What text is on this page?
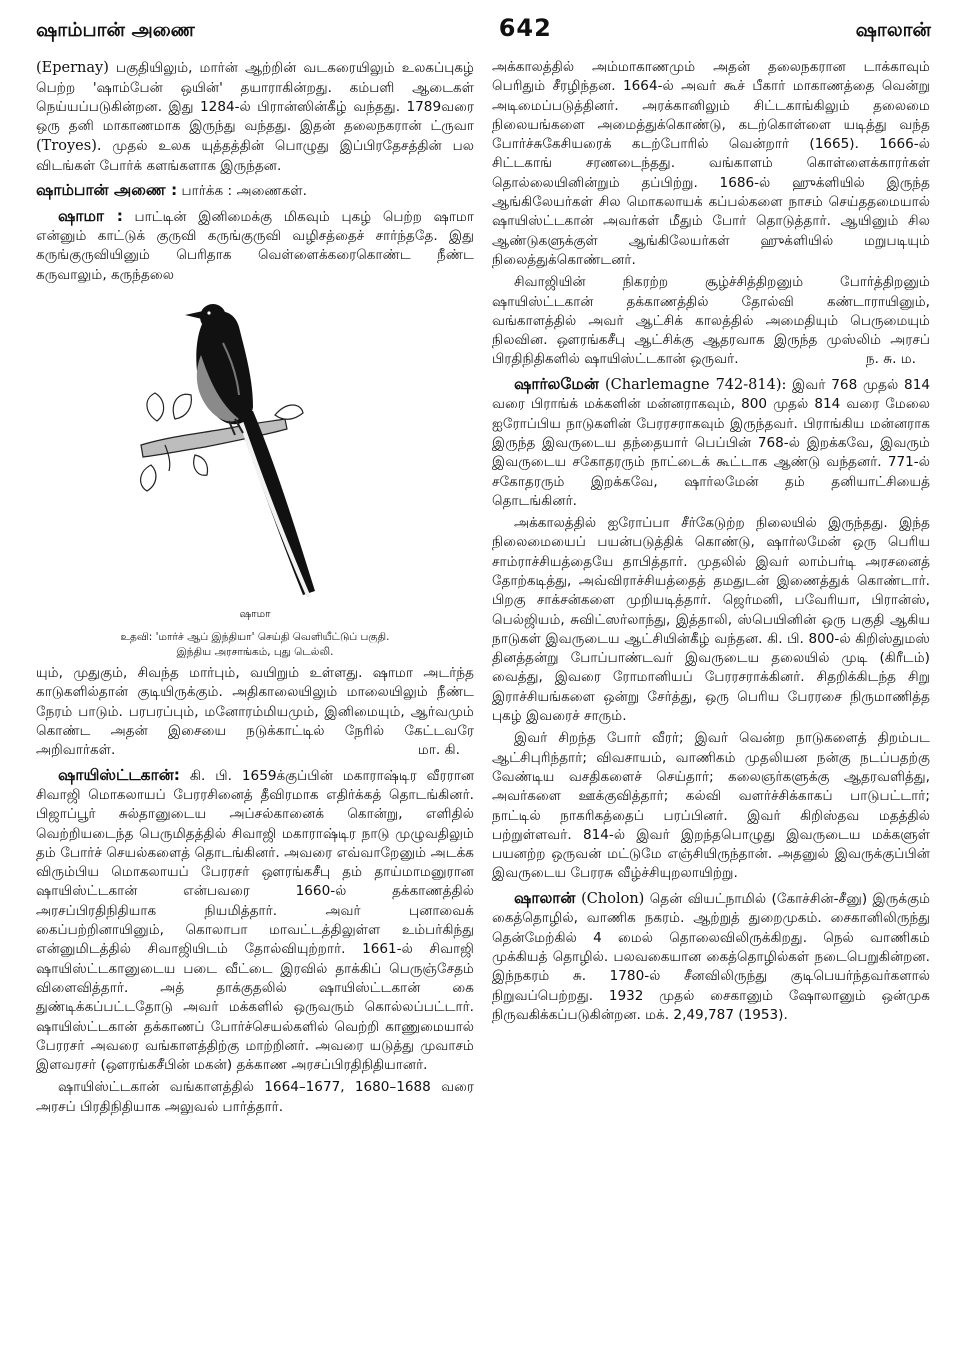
ஷாம்பான் அணை	642	ஷாலான்

(Epernay) பகுதியிலும், மார்ன் ஆற்றின் வடகரையிலும் உலகப்புகழ் பெற்ற 'ஷாம்பேன் ஒயின்' தயாராகின்றது. கம்பளி ஆடைகள் நெய்யப்படுகின்றன. இது 1284-ல் பிரான்ஸின்கீழ் வந்தது. 1789வரை ஒரு தனி மாகாணமாக இருந்து வந்தது. இதன் தலைநகரான் ட்ருவா (Troyes). முதல் உலக யுத்தத்தின் பொழுது இப்பிரதேசத்தின் பல விடங்கள் போர்க் களங்களாக இருந்தன.

ஷாம்பான் அணை : பார்க்க : அணைகள்.

ஷாமா : பாட்டின் இனிமைக்கு மிகவும் புகழ் பெற்ற ஷாமா என்னும் காட்டுக் குருவி கருங்குருவி வழிசத்தைச் சார்ந்ததே. இது கருங்குருவியினும் பெரிதாக வெள்ளைக்கரைகொண்ட நீண்ட கருவாலும், கருந்தலை

ஷாமா
உதவி: 'மார்ச் ஆப் இந்தியா' செய்தி வெளியீட்டுப் பகுதி.
இந்திய அரசாங்கம், புது டெல்லி.

யும், முதுகும், சிவந்த மார்பும், வயிறும் உள்ளது. ஷாமா அடர்ந்த காடுகளில்தான் குடியிருக்கும். அதிகாலையிலும் மாலையிலும் நீண்ட நேரம் பாடும். பரபரப்பும், மனோரம்மியமும், இனிமையும், ஆர்வமும் கொண்ட அதன் இசையை நடுக்காட்டில் நேரில் கேட்டவரே அறிவார்கள்.	மா. கி.

ஷாயிஸ்ட்டகான்: கி. பி. 1659க்குப்பின் மகாராஷ்டிர வீரரான சிவாஜி மொகலாயப் பேரரசினைத் தீவிரமாக எதிர்க்கத் தொடங்கினர். பிஜாப்பூர் சுல்தானுடைய அப்சல்கானைக் கொன்று, எளிதில் வெற்றியடைந்த பெருமிதத்தில் சிவாஜி மகாராஷ்டிர நாடு முழுவதிலும் தம் போர்ச் செயல்களைத் தொடங்கினர். அவரை எவ்வாறேனும் அடக்க விரும்பிய மொகலாயப் பேரரசர் ஔரங்கசீபு தம் தாய்மாமனுரான ஷாயிஸ்ட்டகான் என்பவரை 1660-ல் தக்காணத்தில் அரசப்பிரதிநிதியாக நியமித்தார். அவர் புனாவைக் கைப்பற்றினாயினும், கொலாபா மாவட்டத்திலுள்ள உம்பர்கிந்து என்னுமிடத்தில் சிவாஜியிடம் தோல்வியுற்றார். 1661-ல் சிவாஜி ஷாயிஸ்ட்டகானுடைய படை வீட்டை இரவில் தாக்கிப் பெருஞ்சேதம் விளைவித்தார். அத் தாக்குதலில் ஷாயிஸ்ட்டகான் கை துண்டிக்கப்பட்டதோடு அவர் மக்களில் ஒருவரும் கொல்லப்பட்டார். ஷாயிஸ்ட்டகான் தக்காணப் போர்ச்செயல்களில் வெற்றி காணுமையால் பேரரசர் அவரை வங்காளத்திற்கு மாற்றினர். அவரை யடுத்து முவாசம் இளவரசர் (ஔரங்கசீபின் மகன்) தக்காண அரசப்பிரதிநிதியானர்.

ஷாயிஸ்ட்டகான் வங்காளத்தில் 1664–1677, 1680–1688 வரை அரசப் பிரதிநிதியாக அலுவல் பார்த்தார்.

அக்காலத்தில் அம்மாகாணமும் அதன் தலைநகரான டாக்காவும் பெரிதும் சீரழிந்தன. 1664-ல் அவர் கூச் பீகார் மாகாணத்தை வென்று அடிமைப்படுத்தினர். அரக்கானிலும் சிட்டகாங்கிலும் தலைமை நிலையங்களை அமைத்துக்கொண்டு, கடற்கொள்ளை யடித்து வந்த போர்ச்சுகேசியரைக் கடற்போரில் வென்றார் (1665). 1666-ல் சிட்டகாங் சரணடைந்தது. வங்காளம் கொள்ளைக்காரர்கள் தொல்லையினின்றும் தப்பிற்று. 1686-ல் ஹுக்ளியில் இருந்த ஆங்கிலேயர்கள் சில மொகலாயக் கப்பல்களை நாசம் செய்ததமையால் ஷாயிஸ்ட்டகான் அவர்கள் மீதும் போர் தொடுத்தார். ஆயினும் சில ஆண்டுகளுக்குள் ஆங்கிலேயர்கள் ஹுக்ளியில் மறுபடியும் நிலைத்துக்கொண்டனர்.

சிவாஜியின் நிகரற்ற சூழ்ச்சித்திறனும் போர்த்திறனும் ஷாயிஸ்ட்டகான் தக்காணத்தில் தோல்வி கண்டாராயினும், வங்காளத்தில் அவர் ஆட்சிக் காலத்தில் அமைதியும் பெருமையும் நிலவின. ஔரங்கசீபு ஆட்சிக்கு ஆதரவாக இருந்த முஸ்லிம் அரசப் பிரதிநிதிகளில் ஷாயிஸ்ட்டகான் ஒருவர்.	ந. சு. ம.

ஷார்லமேன் (Charlemagne 742-814): இவர் 768 முதல் 814 வரை பிராங்க் மக்களின் மன்னராகவும், 800 முதல் 814 வரை மேலை ஐரோப்பிய நாடுகளின் பேரரசராகவும் இருந்தவர். பிராங்கிய மன்னராக இருந்த இவருடைய தந்தையார் பெப்பின் 768-ல் இறக்கவே, இவரும் இவருடைய சகோதரரும் நாட்டைக் கூட்டாக ஆண்டு வந்தனர். 771-ல் சகோதரரும் இறக்கவே, ஷார்லமேன் தம் தனியாட்சியைத் தொடங்கினர்.

அக்காலத்தில் ஐரோப்பா சீர்கேடுற்ற நிலையில் இருந்தது. இந்த நிலைமையைப் பயன்படுத்திக் கொண்டு, ஷார்லமேன் ஒரு பெரிய சாம்ராச்சியத்தையே தாபித்தார். முதலில் இவர் லாம்பர்டி அரசனைத் தோற்கடித்து, அவ்விராச்சியத்தைத் தமதுடன் இணைத்துக் கொண்டார். பிறகு சாக்சன்களை முறியடித்தார். ஜெர்மனி, பவேரியா, பிரான்ஸ், பெல்ஜியம், சுவிட்ஸர்லாந்து, இத்தாலி, ஸ்பெயினின் ஒரு பகுதி ஆகிய நாடுகள் இவருடைய ஆட்சியின்கீழ் வந்தன. கி. பி. 800-ல் கிறிஸ்துமஸ் தினத்தன்று போப்பாண்டவர் இவருடைய தலையில் முடி (கிரீடம்) வைத்து, இவரை ரோமானியப் பேரரசராக்கினர். சிதறிக்கிடந்த சிறு இராச்சியங்களை ஒன்று சேர்த்து, ஒரு பெரிய பேரரசை நிருமாணித்த புகழ் இவரைச் சாரும்.

இவர் சிறந்த போர் வீரர்; இவர் வென்ற நாடுகளைத் திறம்பட ஆட்சிபுரிந்தார்; விவசாயம், வாணிகம் முதலியன நன்கு நடப்பதற்கு வேண்டிய வசதிகளைச் செய்தார்; கலைஞர்களுக்கு ஆதரவளித்து, அவர்களை ஊக்குவித்தார்; கல்வி வளர்ச்சிக்காகப் பாடுபட்டார்; நாட்டில் நாகரிகத்தைப் பரப்பினர். இவர் கிறிஸ்தவ மதத்தில் பற்றுள்ளவர். 814-ல் இவர் இறந்தபொழுது இவருடைய மக்களுள் பயனற்ற ஒருவன் மட்டுமே எஞ்சியிருந்தான். அதனுல் இவருக்குப்பின் இவருடைய பேரரசு வீழ்ச்சியுறலாயிற்று.

ஷாலான் (Cholon) தென் வியட்நாமில் (கோச்சின்-சீனு) இருக்கும் கைத்தொழில், வாணிக நகரம். ஆற்றுத் துறைமுகம். சைகானிலிருந்து தென்மேற்கில் 4 மைல் தொலைவிலிருக்கிறது. நெல் வாணிகம் முக்கியத் தொழில். பலவகையான கைத்தொழில்கள் நடைபெறுகின்றன. இந்நகரம் சு. 1780-ல் சீனவிலிருந்து குடிபெயர்ந்தவர்களால் நிறுவப்பெற்றது. 1932 முதல் சைகானும் ஷோலானும் ஒன்முக நிருவகிக்கப்படுகின்றன. மக். 2,49,787 (1953).
